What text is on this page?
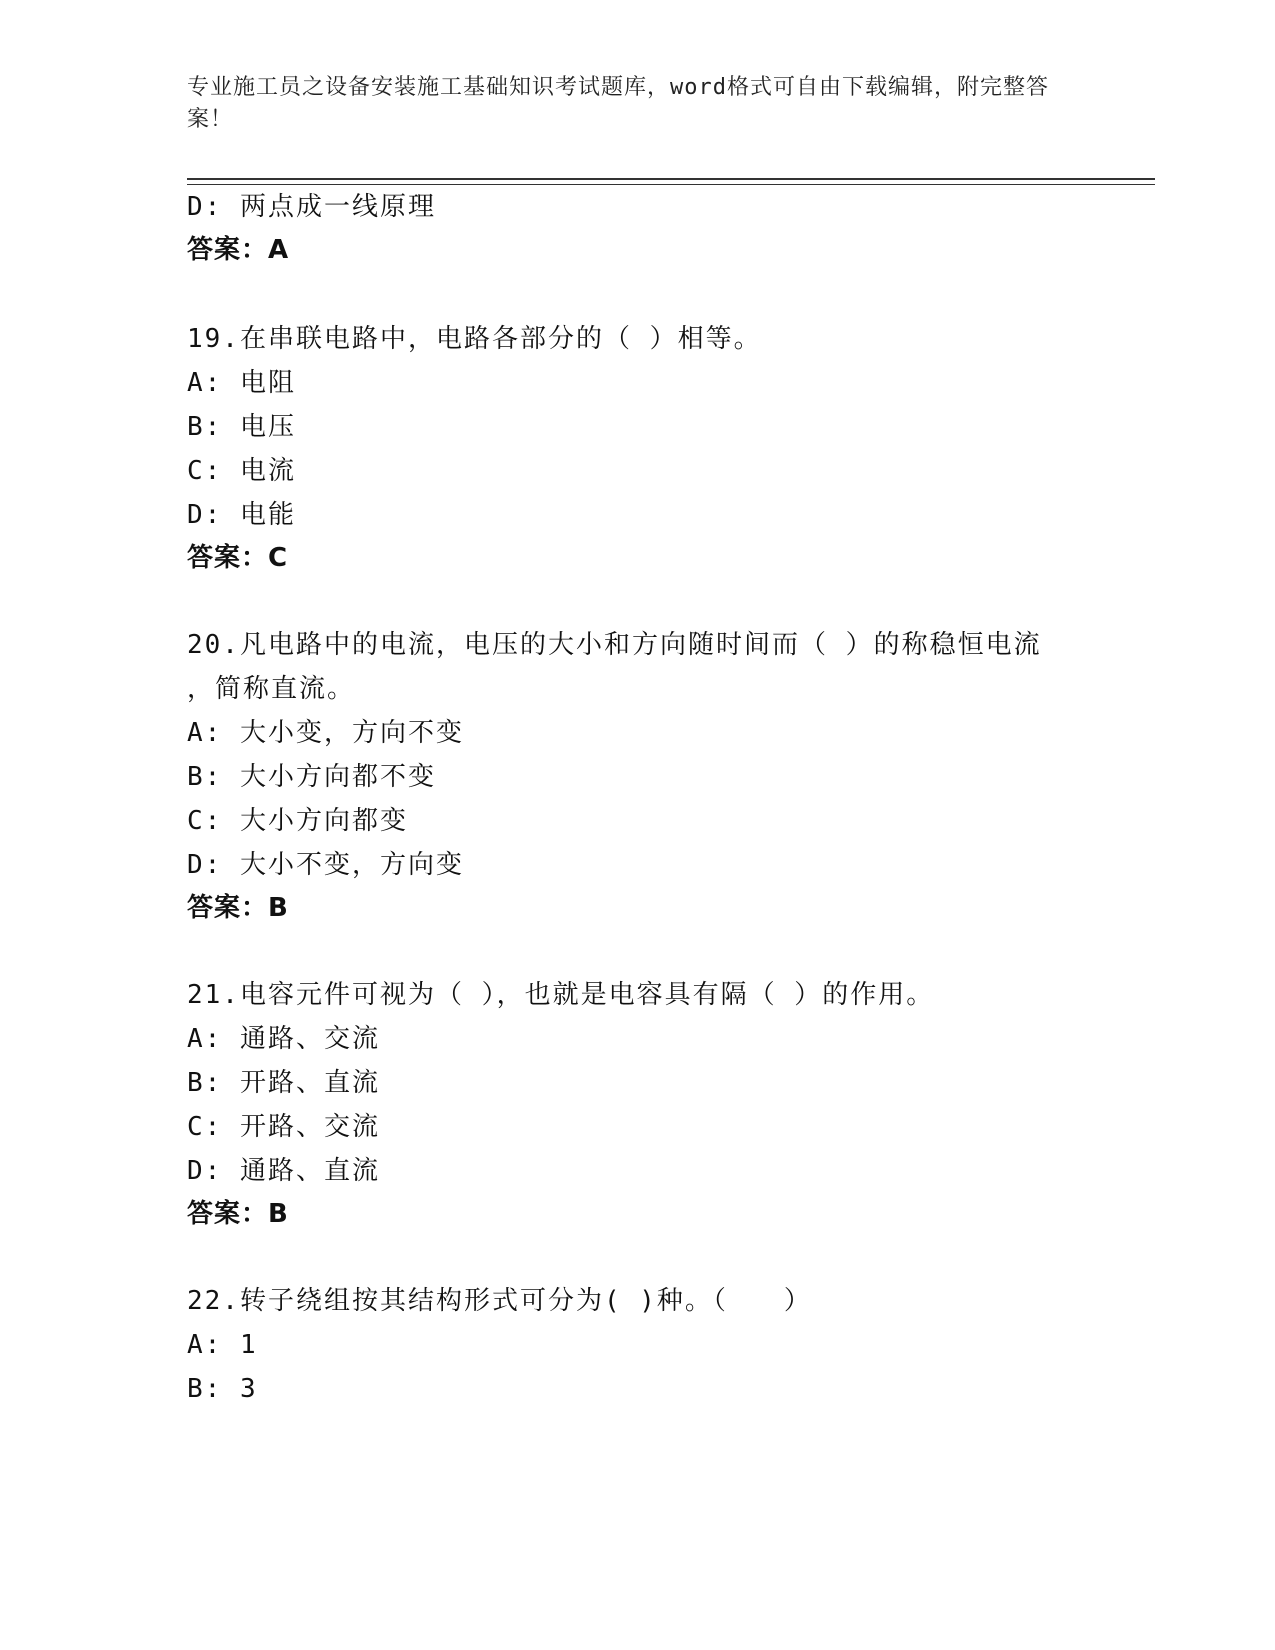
专业施工员之设备安装施工基础知识考试题库，word格式可自由下载编辑，附完整答案！
D: 两点成一线原理
答案：A
19.在串联电路中，电路各部分的（ ）相等。
A: 电阻
B: 电压
C: 电流
D: 电能
答案：C
20.凡电路中的电流，电压的大小和方向随时间而（ ）的称稳恒电流
，简称直流。
A: 大小变，方向不变
B: 大小方向都不变
C: 大小方向都变
D: 大小不变，方向变
答案：B
21.电容元件可视为（ ），也就是电容具有隔（ ）的作用。
A: 通路、交流
B: 开路、直流
C: 开路、交流
D: 通路、直流
答案：B
22.转子绕组按其结构形式可分为( )种。（　　）
A: 1
B: 3
